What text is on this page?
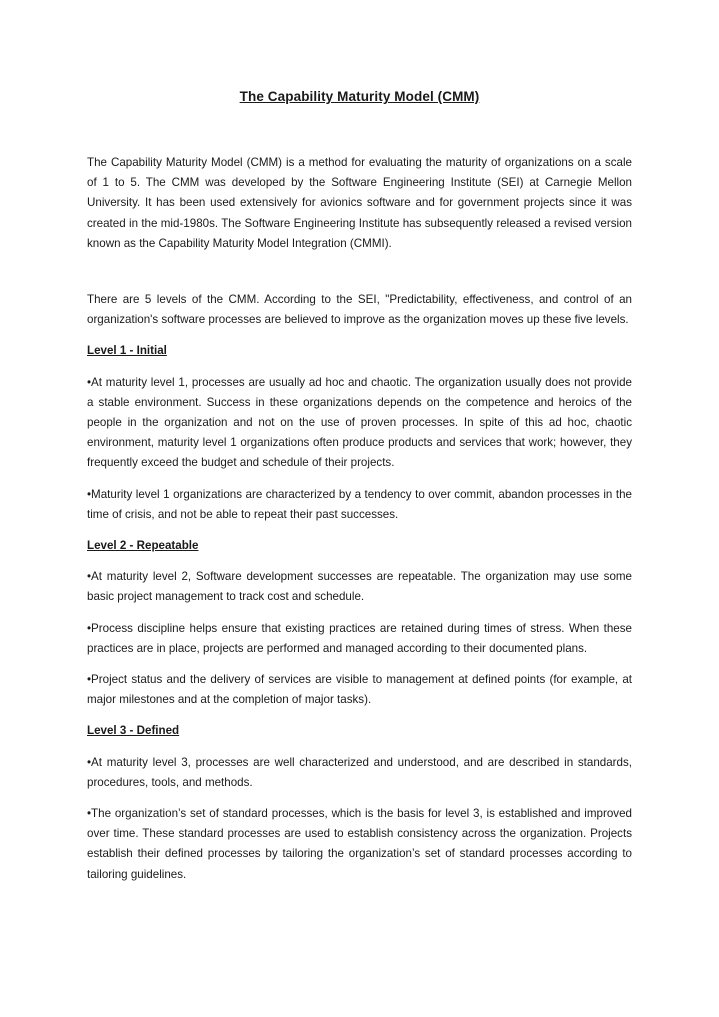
The Capability Maturity Model (CMM)

The Capability Maturity Model (CMM) is a method for evaluating the maturity of organizations on a scale of 1 to 5. The CMM was developed by the Software Engineering Institute (SEI) at Carnegie Mellon University. It has been used extensively for avionics software and for government projects since it was created in the mid-1980s. The Software Engineering Institute has subsequently released a revised version known as the Capability Maturity Model Integration (CMMI).

There are 5 levels of the CMM. According to the SEI, "Predictability, effectiveness, and control of an organization's software processes are believed to improve as the organization moves up these five levels.

Level 1 - Initial

•At maturity level 1, processes are usually ad hoc and chaotic. The organization usually does not provide a stable environment. Success in these organizations depends on the competence and heroics of the people in the organization and not on the use of proven processes. In spite of this ad hoc, chaotic environment, maturity level 1 organizations often produce products and services that work; however, they frequently exceed the budget and schedule of their projects.

•Maturity level 1 organizations are characterized by a tendency to over commit, abandon processes in the time of crisis, and not be able to repeat their past successes.

Level 2 - Repeatable

•At maturity level 2, Software development successes are repeatable. The organization may use some basic project management to track cost and schedule.

•Process discipline helps ensure that existing practices are retained during times of stress. When these practices are in place, projects are performed and managed according to their documented plans.

•Project status and the delivery of services are visible to management at defined points (for example, at major milestones and at the completion of major tasks).

Level 3 - Defined

•At maturity level 3, processes are well characterized and understood, and are described in standards, procedures, tools, and methods.

•The organization’s set of standard processes, which is the basis for level 3, is established and improved over time. These standard processes are used to establish consistency across the organization. Projects establish their defined processes by tailoring the organization’s set of standard processes according to tailoring guidelines.
